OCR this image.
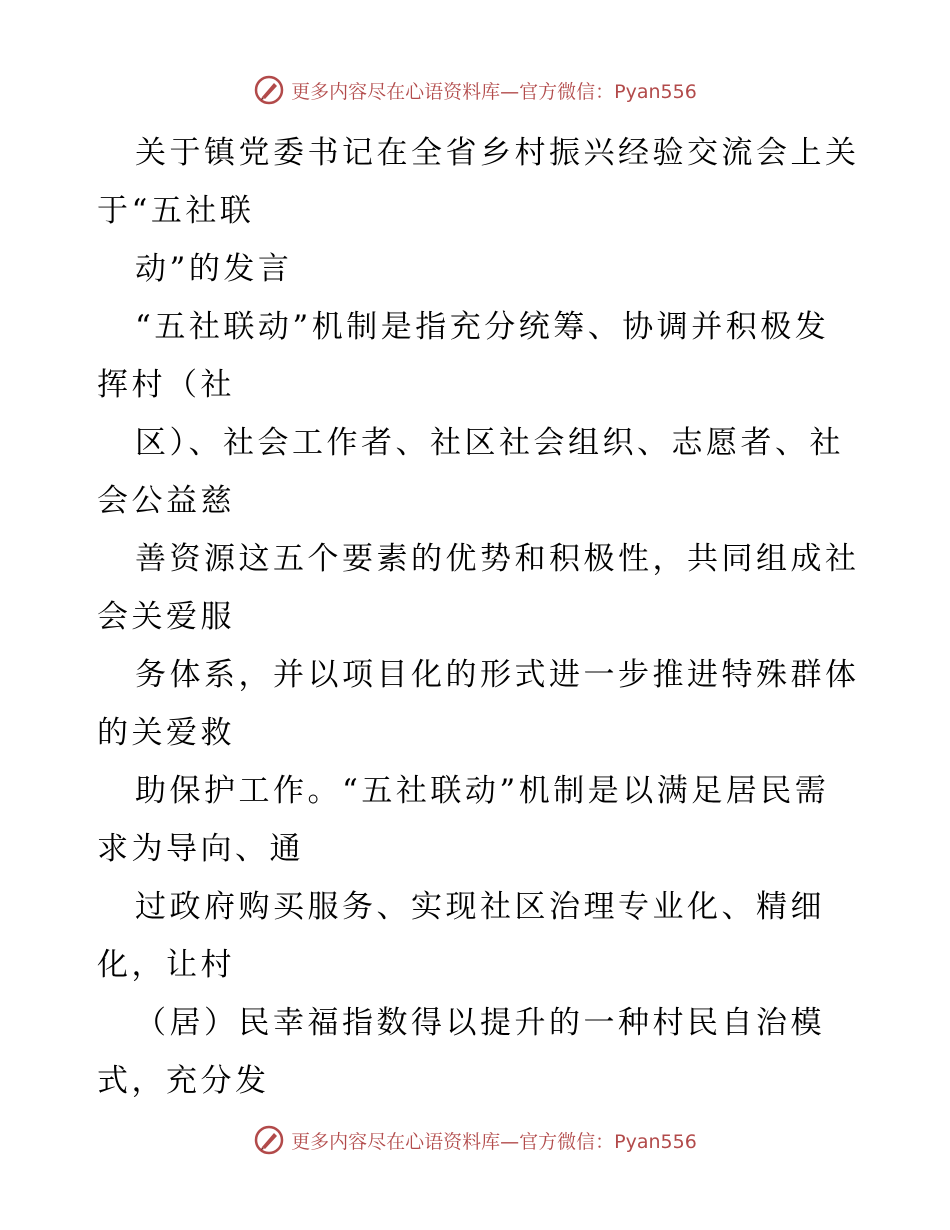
更多内容尽在心语资料库—官方微信：Pyan556
关于镇党委书记在全省乡村振兴经验交流会上关
于“五社联
动”的发言
“五社联动”机制是指充分统筹、协调并积极发
挥村（社
区）、社会工作者、社区社会组织、志愿者、社
会公益慈
善资源这五个要素的优势和积极性，共同组成社
会关爱服
务体系，并以项目化的形式进一步推进特殊群体
的关爱救
助保护工作。“五社联动”机制是以满足居民需
求为导向、通
过政府购买服务、实现社区治理专业化、精细
化，让村
（居）民幸福指数得以提升的一种村民自治模
式，充分发
更多内容尽在心语资料库—官方微信：Pyan556
